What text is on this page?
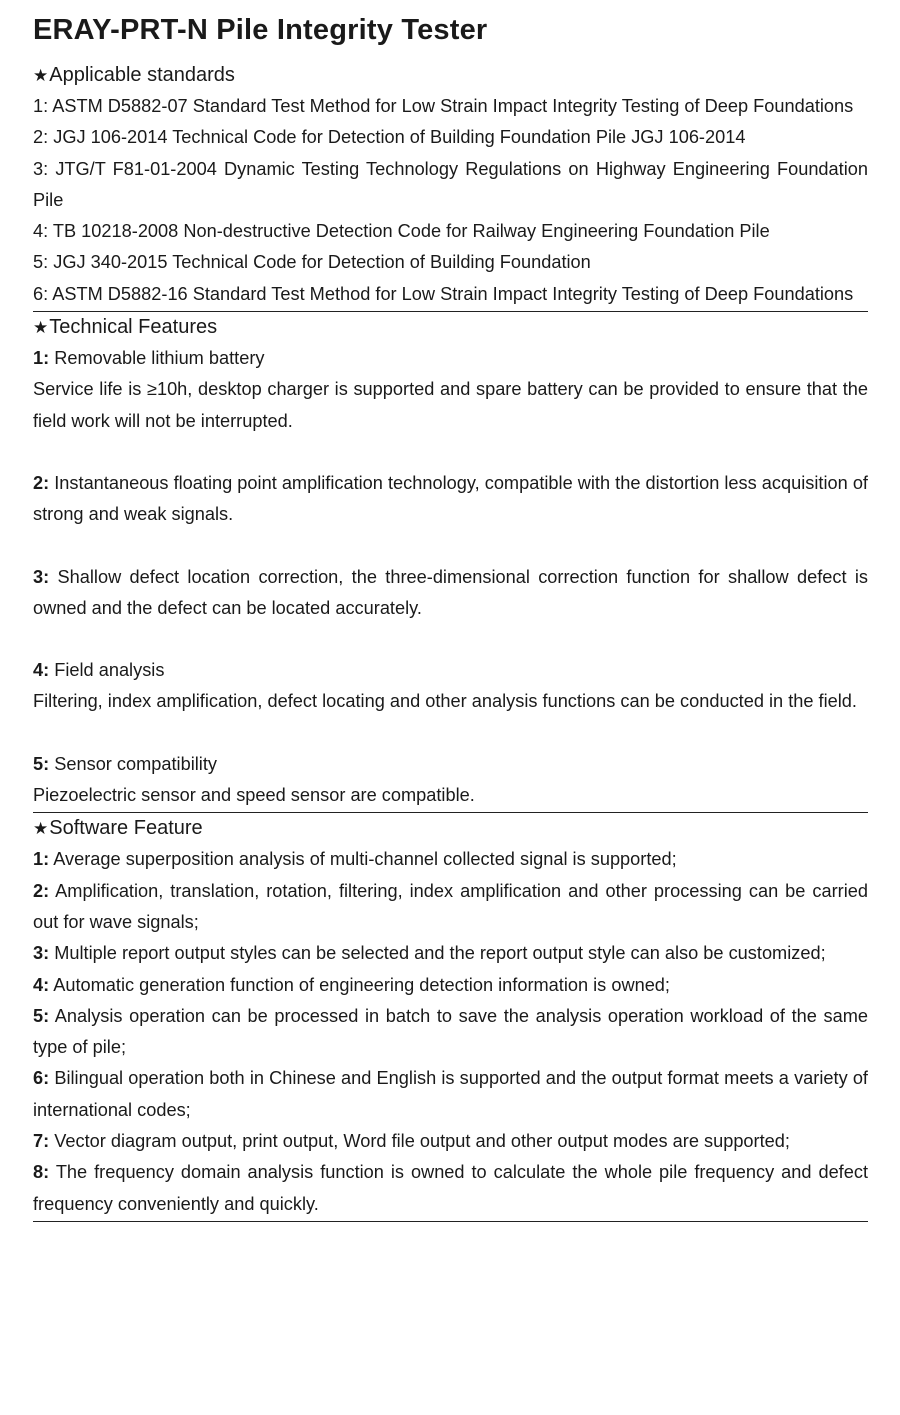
ERAY-PRT-N Pile Integrity Tester
★Applicable standards

1: ASTM D5882-07 Standard Test Method for Low Strain Impact Integrity Testing of Deep Foundations

2: JGJ 106-2014 Technical Code for Detection of Building Foundation Pile JGJ 106-2014

3: JTG/T F81-01-2004 Dynamic Testing Technology Regulations on Highway Engineering Foundation Pile

4: TB 10218-2008 Non-destructive Detection Code for Railway Engineering Foundation Pile

5: JGJ 340-2015 Technical Code for Detection of Building Foundation

6: ASTM D5882-16 Standard Test Method for Low Strain Impact Integrity Testing of Deep Foundations

★Technical Features

1: Removable lithium battery

Service life is ≥10h, desktop charger is supported and spare battery can be provided to ensure that the field work will not be interrupted.

2: Instantaneous floating point amplification technology, compatible with the distortion less acquisition of strong and weak signals.

3: Shallow defect location correction, the three-dimensional correction function for shallow defect is owned and the defect can be located accurately.

4: Field analysis

Filtering, index amplification, defect locating and other analysis functions can be conducted in the field.

5: Sensor compatibility

Piezoelectric sensor and speed sensor are compatible.

★Software Feature

1: Average superposition analysis of multi-channel collected signal is supported;

2: Amplification, translation, rotation, filtering, index amplification and other processing can be carried out for wave signals;

3: Multiple report output styles can be selected and the report output style can also be customized;

4: Automatic generation function of engineering detection information is owned;

5: Analysis operation can be processed in batch to save the analysis operation workload of the same type of pile;

6: Bilingual operation both in Chinese and English is supported and the output format meets a variety of international codes;

7: Vector diagram output, print output, Word file output and other output modes are supported;

8: The frequency domain analysis function is owned to calculate the whole pile frequency and defect frequency conveniently and quickly.
